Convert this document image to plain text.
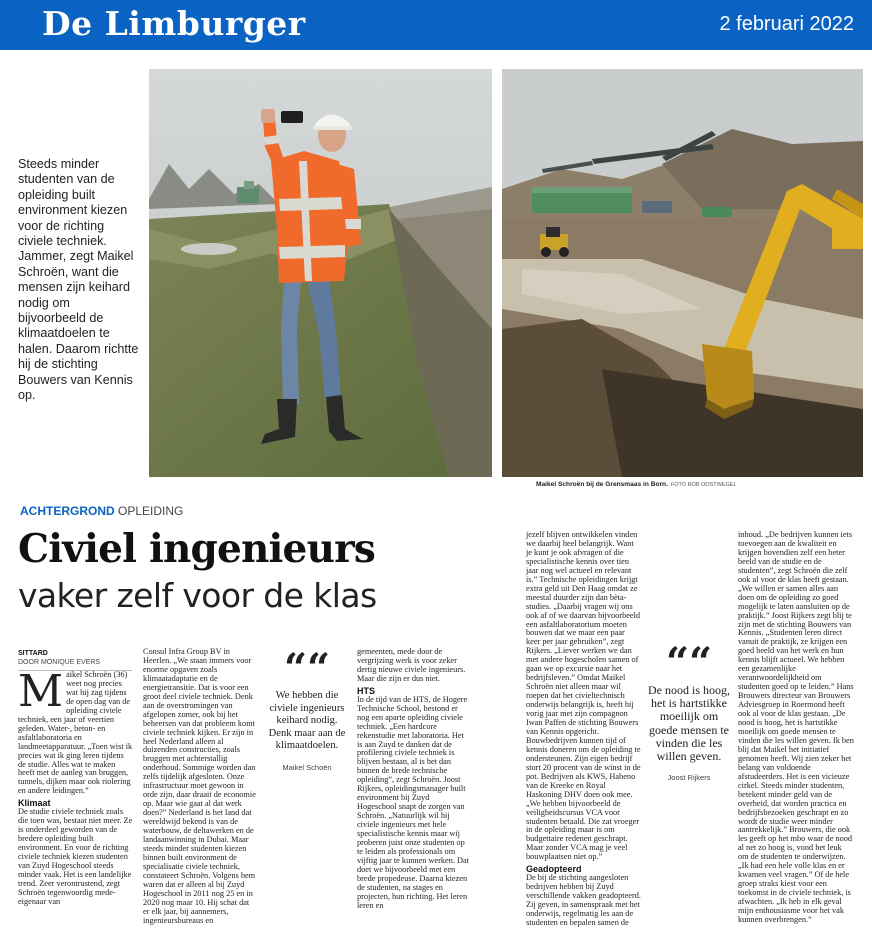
De Limburger	2 februari 2022

Steeds minder studenten van de opleiding built environment kiezen voor de richting civiele techniek. Jammer, zegt Maikel Schroën, want die mensen zijn keihard nodig om bijvoorbeeld de klimaatdoelen te halen. Daarom richtte hij de stichting Bouwers van Kennis op.

Maikel Schroën bij de Grensmaas in Born. FOTO ROB OOSTWEGEL
ACHTERGROND OPLEIDING
Civiel ingenieurs
vaker zelf voor de klas
SITTARD
DOOR MONIQUE EVERS

Maikel Schroën (36) weet nog precies wat hij zag tijdens de open dag van de opleiding civiele techniek, een jaar of veertien geleden. Water-, beton- en asfaltlaboratoria en landmeetapparatuur. „Toen wist ik precies wat ik ging leren tijdens de studie. Alles wat te maken heeft met de aanleg van bruggen, tunnels, dijken maar ook riolering en andere leidingen.”

Klimaat

De studie civiele techniek zoals die toen was, bestaat niet meer. Ze is onderdeel geworden van de bredere opleiding built environment. En voor de richting civiele techniek kiezen studenten van Zuyd Hogeschool steeds minder vaak. Het is een landelijke trend. Zeer verontrustend, zegt Schroën tegenwoordig mede-eigenaar van

Consul Infra Group BV in Heerlen. „We staan immers voor enorme opgaven zoals klimaatadaptatie en de energietransitie. Dat is voor een groot deel civiele techniek. Denk aan de overstromingen van afgelopen zomer, ook bij het beheersen van dat probleem komt civiele techniek kijken. Er zijn in heel Nederland alleen al duizenden constructies, zoals bruggen met achterstallig onderhoud. Sommige worden dan zelfs tijdelijk afgesloten. Onze infrastructuur moet gewoon in orde zijn, daar draait de economie op. Maar wie gaat al dat werk doen?” Nederland is het land dat wereldwijd bekend is van de waterbouw, de deltawerken en de landaanwinning in Dubai. Maar steeds minder studenten kiezen binnen built environment de specialisatie civiele techniek, constateert Schroën. Volgens hem waren dat er alleen al bij Zuyd Hogeschool in 2011 nog 25 en in 2020 nog maar 10. Hij schat dat er elk jaar, bij aannemers, ingenieursbureaus en

““
We hebben die civiele ingenieurs keihard nodig. Denk maar aan de klimaatdoelen.
Maikel Schoën

gemeenten, mede door de vergrijzing werk is voor zeker dertig nieuwe civiele ingenieurs. Maar die zijn er dus niet.

HTS

In de tijd van de HTS, de Hogere Technische School, bestond er nog een aparte opleiding civiele techniek. „Een hardcore rekenstudie met laboratoria. Het is aan Zuyd te danken dat de profilering civiele techniek is blijven bestaan, al is het dan binnen de brede technische opleiding”, zegt Schroën. Joost Rijkers, opleidingsmanager built environment bij Zuyd Hogeschool snapt de zorgen van Schroën. „Natuurlijk wil hij civiele ingenieurs met hele specialistische kennis maar wij proberen juist onze studenten op te leiden als professionals om vijftig jaar te kunnen werken. Dat doet we bijvoorbeeld met een brede propedeuse. Daarna kiezen de studenten, na stages en projecten, hun richting. Het leren leren en

jezelf blijven ontwikkelen vinden we daarbij heel belangrijk. Want je kunt je ook afvragen of die specialistische kennis over tien jaar nog wel actueel en relevant is.” Technische opleidingen krijgt extra geld uit Den Haag omdat ze meestal duurder zijn dan bèta-studies. „Daarbij vragen wij ons ook af of we daarvan bijvoorbeeld een asfaltlaboratorium moeten bouwen dat we maar een paar keer per jaar gebruiken”, zegt Rijkers. „Liever werken we dan met andere hogescholen samen of gaan we op excursie naar het bedrijfsleven.” Omdat Maikel Schroën niet alleen maar wil roepen dat het civieltechnisch onderwijs belangrijk is, heeft hij vorig jaar met zijn compagnon Iwan Paffen de stichting Bouwers van Kennis opgericht. Bouwbedrijven kunnen tijd of kennis doneren om de opleiding te ondersteunen. Zijn eigen bedrijf stort 20 procent van de winst in de pot. Bedrijven als KWS, Habeno van de Kreeke en Royal Haskoning DHV doen ook mee. „We hebben bijvoorbeeld de veiligheidscursus VCA voor studenten betaald. Die zat vroeger in de opleiding maar is om budgettaire redenen geschrapt. Maar zonder VCA mag je veel bouwplaatsen niet op.”

Geadopteerd

De bij de stichting aangesloten bedrijven hebben bij Zuyd verschillende vakken geadopteerd. Zij geven, in samenspraak met het onderwijs, regelmatig les aan de studenten en bepalen samen de

““
De nood is hoog, het is hartstikke moeilijk om goede mensen te vinden die les willen geven.
Joost Rijkers

inhoud. „De bedrijven kunnen iets toevoegen aan de kwaliteit en krijgen bovendien zelf een beter beeld van de studie en de studenten”, zegt Schroën die zelf ook al voor de klas heeft gestaan. „We willen er samen alles aan doen om de opleiding zo goed mogelijk te laten aansluiten op de praktijk.” Joost Rijkers zegt blij te zijn met de stichting Bouwers van Kennis. „Studenten leren direct vanuit de praktijk, ze krijgen een goed beeld van het werk en hun kennis blijft actueel. We hebben een gezamenlijke verantwoordelijkheid om studenten goed op te leiden.” Hans Brouwers directeur van Brouwers Adviesgroep in Roermond heeft ook al voor de klas gestaan. „De nood is hoog, het is hartstikke moeilijk om goede mensen te vinden die les willen geven. Ik ben blij dat Maikel het initiatief genomen heeft. Wij zien zeker het belang van voldoende afstudeerders. Het is een vicieuze cirkel. Steeds minder studenten, betekent minder geld van de overheid, dat worden practica en bedrijfsbezoeken geschrapt en zo wordt de studie weer minder aantrekkelijk.” Brouwers, die ook les geeft op het mbo waar de nood al net zo hoog is, vond het leuk om de studenten te onderwijzen. „Ik had een hele volle klas en er kwamen veel vragen.” Of de hele groep straks kiest voor een toekomst in de civiele techniek, is afwachten. „Ik heb in elk geval mijn enthousiasme voor het vak kunnen overbrengen.”
